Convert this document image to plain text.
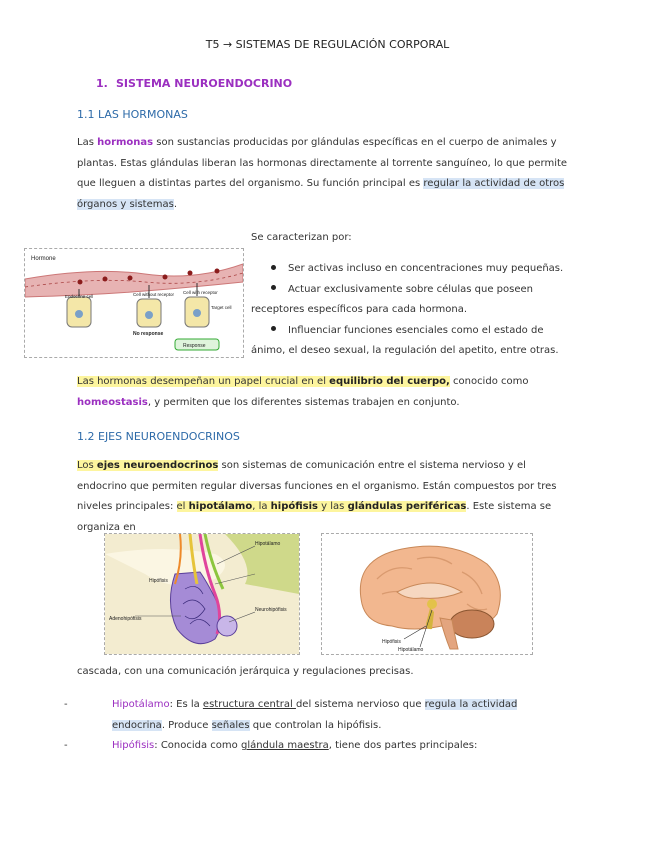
T5 → SISTEMAS DE REGULACIÓN CORPORAL
1. SISTEMA NEUROENDOCRINO
1.1 LAS HORMONAS

Las hormonas son sustancias producidas por glándulas específicas en el cuerpo de animales y plantas. Estas glándulas liberan las hormonas directamente al torrente sanguíneo, lo que permite que lleguen a distintas partes del organismo. Su función principal es regular la actividad de otros órganos y sistemas.

Hormone
Endocrine cell	Cell without receptor Cell with receptor
Target cell
No response
Response
Se caracterizan por:
Ser activas incluso en concentraciones muy pequeñas.
Actuar exclusivamente sobre células que poseen
receptores específicos para cada hormona.
Influenciar funciones esenciales como el estado de
ánimo, el deseo sexual, la regulación del apetito, entre otras.

Las hormonas desempeñan un papel crucial en el equilibrio del cuerpo, conocido como homeostasis, y permiten que los diferentes sistemas trabajen en conjunto.

1.2 EJES NEUROENDOCRINOS

Los ejes neuroendocrinos son sistemas de comunicación entre el sistema nervioso y el endocrino que permiten regular diversas funciones en el organismo. Están compuestos por tres niveles principales: el hipotálamo, la hipófisis y las glándulas periféricas. Este sistema se organiza en

Hipotálamo
Hipófisis
Adenohipófisis
Neurohipófisis
Hipófisis
Hipotálamo

cascada, con una comunicación jerárquica y regulaciones precisas.

-	Hipotálamo: Es la estructura central del sistema nervioso que regula la actividad endocrina. Produce señales que controlan la hipófisis.
-	Hipófisis: Conocida como glándula maestra, tiene dos partes principales:
